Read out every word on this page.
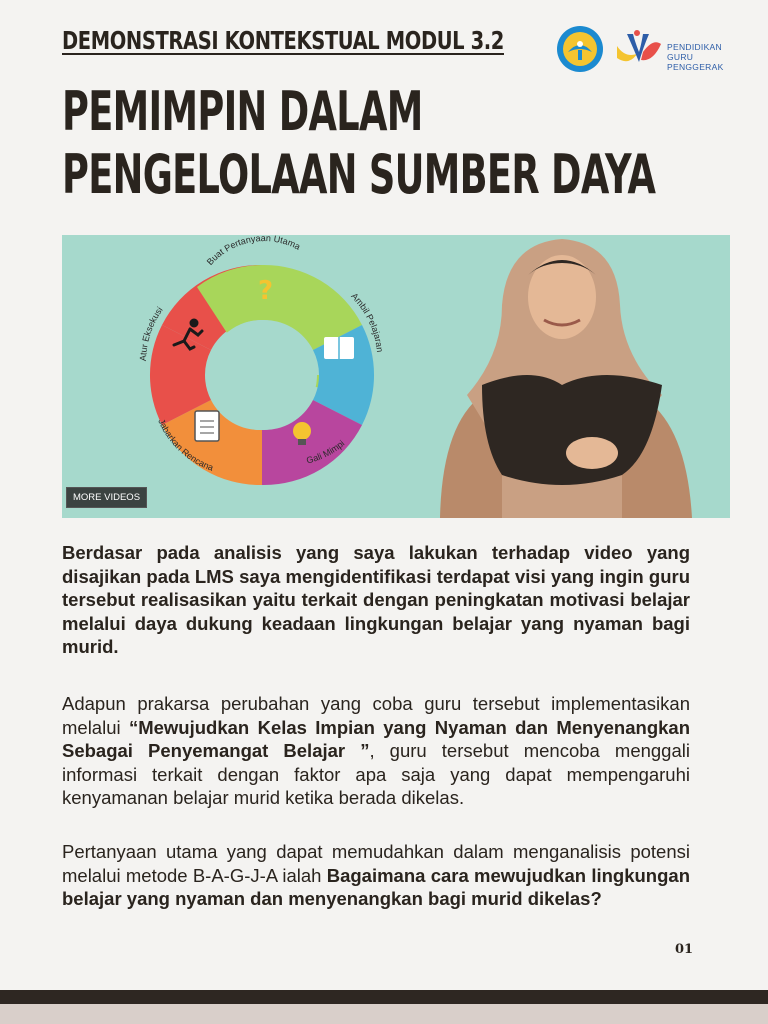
DEMONSTRASI KONTEKSTUAL MODUL 3.2
PEMIMPIN DALAM
PENGELOLAAN SUMBER DAYA
PENDIDIKAN
GURU
PENGGERAK
?
Buat Pertanyaan Utama
Ambil Pelajaran
Gali Mimpi
Jabarkan Rencana
Atur Eksekusi
MORE VIDEOS

Berdasar pada analisis yang saya lakukan terhadap video yang disajikan pada LMS saya mengidentifikasi terdapat visi yang ingin guru tersebut realisasikan yaitu terkait dengan peningkatan motivasi belajar melalui daya dukung keadaan lingkungan belajar yang nyaman bagi murid.

Adapun prakarsa perubahan yang coba guru tersebut implementasikan melalui “Mewujudkan Kelas Impian yang Nyaman dan Menyenangkan Sebagai Penyemangat Belajar ”, guru tersebut mencoba menggali informasi terkait dengan faktor apa saja yang dapat mempengaruhi kenyamanan belajar murid ketika berada dikelas.

Pertanyaan utama yang dapat memudahkan dalam menganalisis potensi melalui metode B-A-G-J-A ialah Bagaimana cara mewujudkan lingkungan belajar yang nyaman dan menyenangkan bagi murid dikelas?

01
